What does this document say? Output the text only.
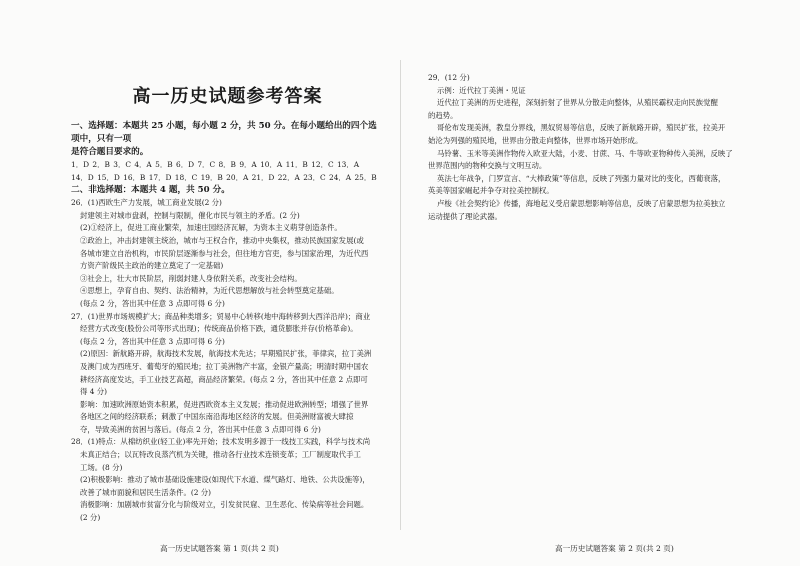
高一历史试题参考答案

一、选择题：本题共 25 小题，每小题 2 分，共 50 分。在每小题给出的四个选项中，只有一项

是符合题目要求的。

1．D 2．B 3．C 4．A 5．B 6．D 7．C 8．B 9．A 10．A 11．B 12．C 13．A
14．D 15．D 16．B 17．D 18．C 19．B 20．A 21．D 22．A 23．C 24．A 25．B
二、非选择题：本题共 4 题，共 50 分。

26．(1)西欧生产力发展，城工商业发展(2 分)

封建领主对城市盘剥，控制与限制，催化市民与领主的矛盾。(2 分)

(2)①经济上，促进工商业繁荣，加速庄园经济瓦解，为资本主义萌芽创造条件。

②政治上，冲击封建领主统治，城市与王权合作，推动中央集权，推动民族国家发展(或

各城市建立自治机构，市民阶层逐渐参与社会，但往地方官吏，参与国家治理，为近代西

方资产阶级民主政治的建立奠定了一定基础)

③社会上，壮大市民阶层，削弱封建人身依附关系，改变社会结构。

④思想上，孕育自由、契约、法治精神，为近代思想解放与社会转型奠定基础。

(每点 2 分，答出其中任意 3 点即可得 6 分)

27．(1)世界市场规模扩大；商品种类增多；贸易中心转移(地中海转移到大西洋沿岸)；商业

经营方式改变(股份公司等形式出现)；传统商品价格下跌，通货膨胀并存(价格革命)。

(每点 2 分，答出其中任意 3 点即可得 6 分)

(2)原因：新航路开辟，航海技术发展，航海技术先达；早期殖民扩张，菲律宾，拉丁美洲

及澳门成为西班牙、葡萄牙的殖民地；拉丁美洲物产丰富，金银产量高；明清时期中国农

耕经济高度发达，手工业技艺高超，商品经济繁荣。(每点 2 分，答出其中任意 2 点即可

得 4 分)

影响：加速欧洲原始资本积累，促进西欧资本主义发展；推动促进欧洲转型；增强了世界

各地区之间的经济联系；刺激了中国东南沿海地区经济的发展。但美洲财富被大肆掠

夺，导致美洲的贫困与落后。(每点 2 分，答出其中任意 3 点即可得 6 分)

28．(1)特点：从棉纺织业(轻工业)率先开始；技术发明多源于一线技工实践，科学与技术尚

未真正结合；以瓦特改良蒸汽机为关键，推动各行业技术连锁变革；工厂制度取代手工

工场。(8 分)

(2)积极影响：推动了城市基础设施建设(如现代下水道、煤气路灯、地铁、公共设施等)，

改善了城市面貌和居民生活条件。(2 分)

消极影响：加剧城市贫富分化与阶级对立，引发贫民窟、卫生恶化、传染病等社会问题。

(2 分)

29．(12 分)

示例：近代拉丁美洲・见证

近代拉丁美洲的历史进程，深刻折射了世界从分散走向整体，从殖民霸权走向民族觉醒

的趋势。

哥伦布发现美洲，教皇分界线，黑奴贸易等信息，反映了新航路开辟，殖民扩张，拉美开

始沦为列强的殖民地，世界由分散走向整体，世界市场开始形成。

马铃薯、玉米等美洲作物传入欧亚大陆，小麦、甘蔗、马、牛等欧亚物种传入美洲，反映了

世界范围内的物种交换与文明互动。

英法七年战争，门罗宣言、“大棒政策”等信息，反映了列强力量对比的变化，西葡衰落，

英美等国家崛起并争夺对拉美控制权。

卢梭《社会契约论》传播，海地起义受启蒙思想影响等信息，反映了启蒙思想为拉美独立

运动提供了理论武器。

高一历史试题答案 第 1 页(共 2 页)	高一历史试题答案 第 2 页(共 2 页)
